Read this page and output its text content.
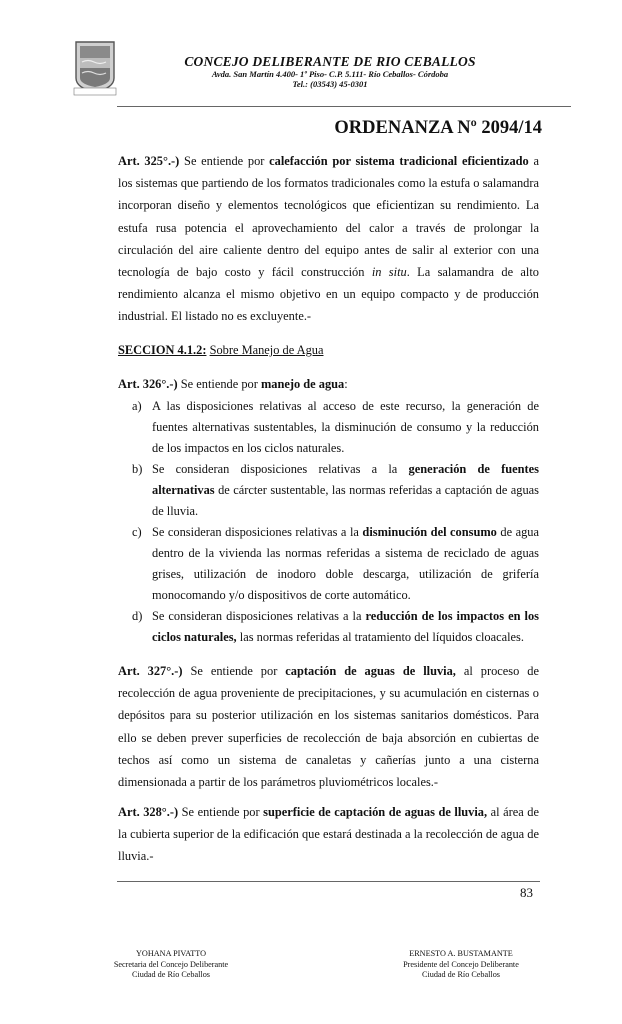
CONCEJO DELIBERANTE DE RIO CEBALLOS
Avda. San Martín 4.400- 1º Piso- C.P. 5.111- Río Ceballos- Córdoba
Tel.: (03543) 45-0301
ORDENANZA Nº 2094/14

Art. 325°.-) Se entiende por calefacción por sistema tradicional eficientizado a los sistemas que partiendo de los formatos tradicionales como la estufa o salamandra incorporan diseño y elementos tecnológicos que eficientizan su rendimiento. La estufa rusa potencia el aprovechamiento del calor a través de prolongar la circulación del aire caliente dentro del equipo antes de salir al exterior con una tecnología de bajo costo y fácil construcción in situ. La salamandra de alto rendimiento alcanza el mismo objetivo en un equipo compacto y de producción industrial. El listado no es excluyente.-

SECCION 4.1.2: Sobre Manejo de Agua

Art. 326°.-) Se entiende por manejo de agua:

a) A las disposiciones relativas al acceso de este recurso, la generación de fuentes alternativas sustentables, la disminución de consumo y la reducción de los impactos en los ciclos naturales.
b) Se consideran disposiciones relativas a la generación de fuentes alternativas de cárcter sustentable, las normas referidas a captación de aguas de lluvia.
c) Se consideran disposiciones relativas a la disminución del consumo de agua dentro de la vivienda las normas referidas a sistema de reciclado de aguas grises, utilización de inodoro doble descarga, utilización de grifería monocomando y/o dispositivos de corte automático.
d) Se consideran disposiciones relativas a la reducción de los impactos en los ciclos naturales, las normas referidas al tratamiento del líquidos cloacales.

Art. 327°.-) Se entiende por captación de aguas de lluvia, al proceso de recolección de agua proveniente de precipitaciones, y su acumulación en cisternas o depósitos para su posterior utilización en los sistemas sanitarios domésticos. Para ello se deben prever superficies de recolección de baja absorción en cubiertas de techos así como un sistema de canaletas y cañerías junto a una cisterna dimensionada a partir de los parámetros pluviométricos locales.-

Art. 328°.-) Se entiende por superficie de captación de aguas de lluvia, al área de la cubierta superior de la edificación que estará destinada a la recolección de agua de lluvia.-

83
YOHANA PIVATTO
Secretaria del Concejo Deliberante
Ciudad de Río Ceballos
ERNESTO A. BUSTAMANTE
Presidente del Concejo Deliberante
Ciudad de Río Ceballos
